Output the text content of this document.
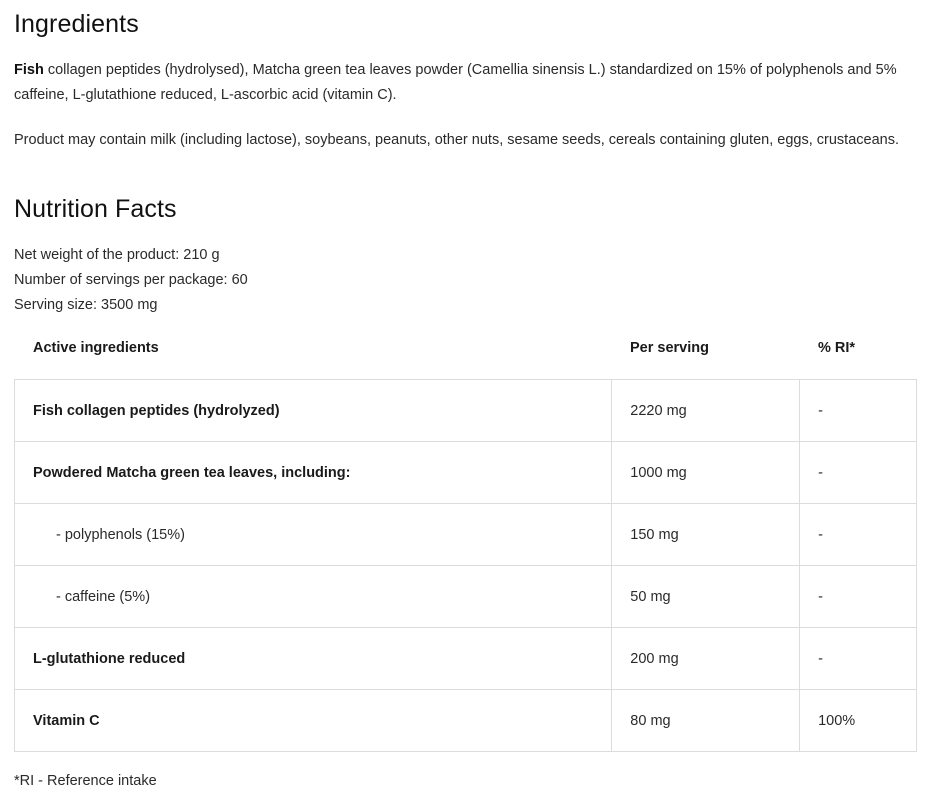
Ingredients

Fish collagen peptides (hydrolysed), Matcha green tea leaves powder (Camellia sinensis L.) standardized on 15% of polyphenols and 5% caffeine, L-glutathione reduced, L-ascorbic acid (vitamin C).

Product may contain milk (including lactose), soybeans, peanuts, other nuts, sesame seeds, cereals containing gluten, eggs, crustaceans.

Nutrition Facts
Net weight of the product: 210 g
Number of servings per package: 60
Serving size: 3500 mg
Active ingredients	Per serving	% RI*
Fish collagen peptides (hydrolyzed)	2220 mg	-
Powdered Matcha green tea leaves, including:	1000 mg	-
- polyphenols (15%)	150 mg	-
- caffeine (5%)	50 mg	-
L-glutathione reduced	200 mg	-
Vitamin C	80 mg	100%
*RI - Reference intake
